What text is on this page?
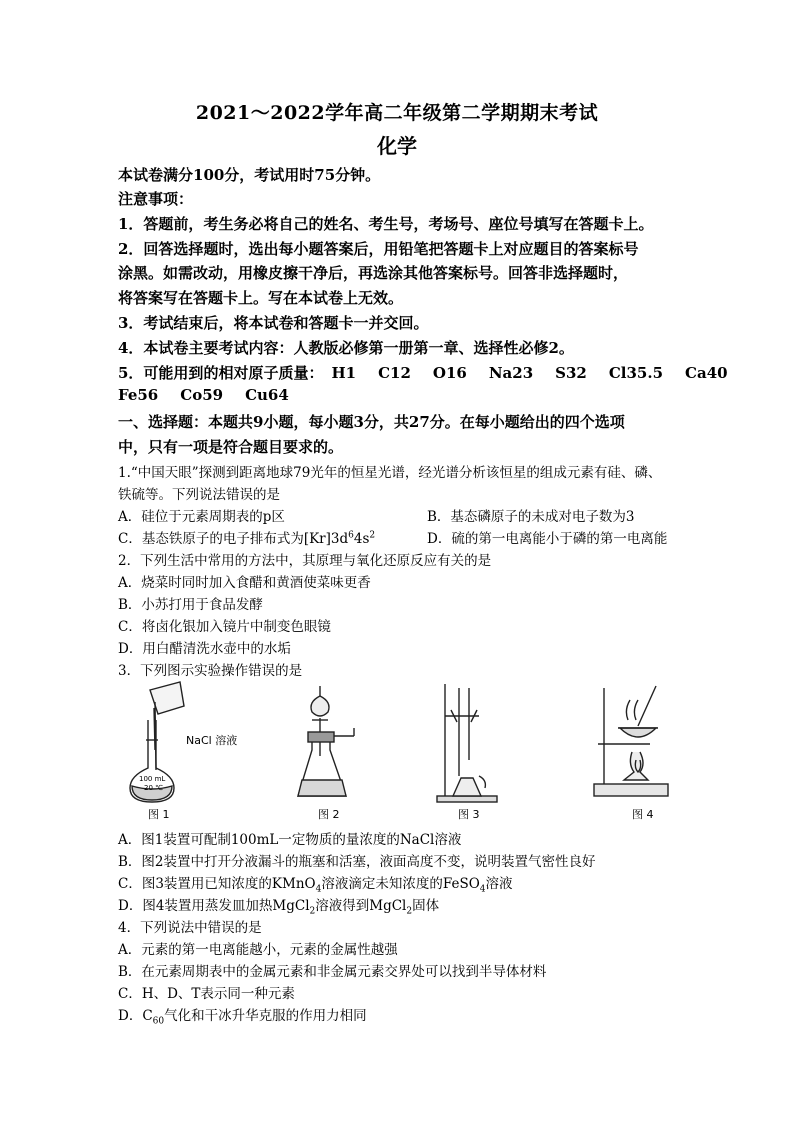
2021～2022学年高二年级第二学期期末考试
化学
本试卷满分100分，考试用时75分钟。
注意事项：
1．答题前，考生务必将自己的姓名、考生号，考场号、座位号填写在答题卡上。
2．回答选择题时，选出每小题答案后，用铅笔把答题卡上对应题目的答案标号
涂黑。如需改动，用橡皮擦干净后，再选涂其他答案标号。回答非选择题时，
将答案写在答题卡上。写在本试卷上无效。
3．考试结束后，将本试卷和答题卡一并交回。
4．本试卷主要考试内容：人教版必修第一册第一章、选择性必修2。
5．可能用到的相对原子质量： H1 C12 O16 Na23 S32 Cl35.5 Ca40
Fe56 Co59 Cu64
一、选择题：本题共9小题，每小题3分，共27分。在每小题给出的四个选项
中，只有一项是符合题目要求的。
1.“中国天眼”探测到距离地球79光年的恒星光谱，经光谱分析该恒星的组成元素有硅、磷、
铁硫等。下列说法错误的是
A．硅位于元素周期表的p区	B．基态磷原子的未成对电子数为3
C．基态铁原子的电子排布式为$[Kr]3d^64s^2$	D．硫的第一电离能小于磷的第一电离能
2．下列生活中常用的方法中，其原理与氧化还原反应有关的是
A．烧菜时同时加入食醋和黄酒使菜味更香
B．小苏打用于食品发酵
C．将卤化银加入镜片中制变色眼镜
D．用白醋清洗水壶中的水垢
3．下列图示实验操作错误的是
NaCl 溶液
100 mL
20 ℃
图 1	图 2	图 3	图 4
A．图1装置可配制100mL一定物质的量浓度的NaCl溶液
B．图2装置中打开分液漏斗的瓶塞和活塞，液面高度不变，说明装置气密性良好
C．图3装置用已知浓度的KMnO$_4$溶液滴定未知浓度的FeSO$_4$溶液
D．图4装置用蒸发皿加热MgCl$_2$溶液得到MgCl$_2$固体
4．下列说法中错误的是
A．元素的第一电离能越小，元素的金属性越强
B．在元素周期表中的金属元素和非金属元素交界处可以找到半导体材料
C．H、D、T表示同一种元素
D．$C_{60}$气化和干冰升华克服的作用力相同
